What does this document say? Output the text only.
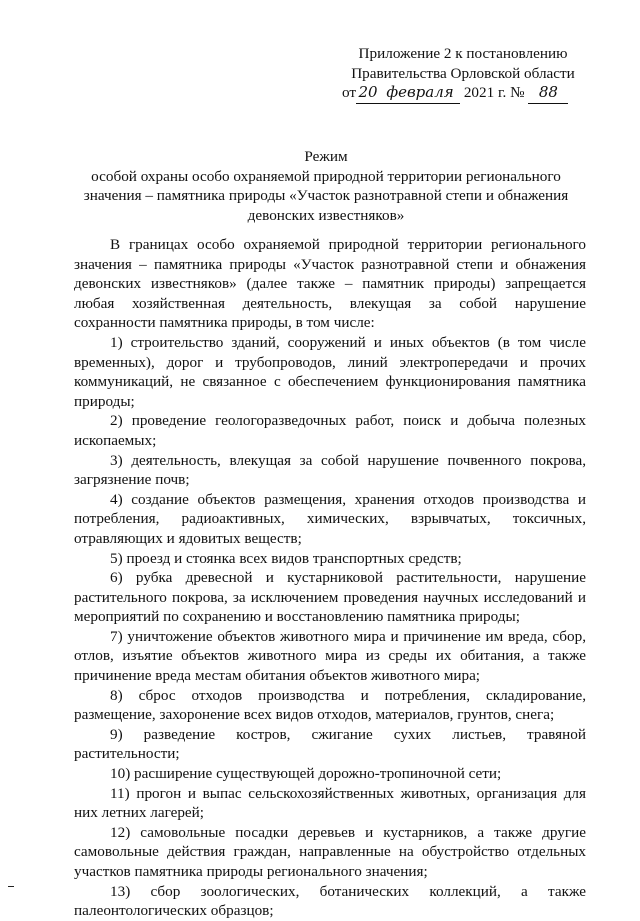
Приложение 2 к постановлению
Правительства Орловской области
от 20 февраля 2021 г. № 88
Режим
особой охраны особо охраняемой природной территории регионального
значения – памятника природы «Участок разнотравной степи и обнажения
девонских известняков»

В границах особо охраняемой природной территории регионального значения – памятника природы «Участок разнотравной степи и обнажения девонских известняков» (далее также – памятник природы) запрещается любая хозяйственная деятельность, влекущая за собой нарушение сохранности памятника природы, в том числе:

1) строительство зданий, сооружений и иных объектов (в том числе временных), дорог и трубопроводов, линий электропередачи и прочих коммуникаций, не связанное с обеспечением функционирования памятника природы;

2) проведение геологоразведочных работ, поиск и добыча полезных ископаемых;

3) деятельность, влекущая за собой нарушение почвенного покрова, загрязнение почв;

4) создание объектов размещения, хранения отходов производства и потребления, радиоактивных, химических, взрывчатых, токсичных, отравляющих и ядовитых веществ;

5) проезд и стоянка всех видов транспортных средств;

6) рубка древесной и кустарниковой растительности, нарушение растительного покрова, за исключением проведения научных исследований и мероприятий по сохранению и восстановлению памятника природы;

7) уничтожение объектов животного мира и причинение им вреда, сбор, отлов, изъятие объектов животного мира из среды их обитания, а также причинение вреда местам обитания объектов животного мира;

8) сброс отходов производства и потребления, складирование, размещение, захоронение всех видов отходов, материалов, грунтов, снега;

9) разведение костров, сжигание сухих листьев, травяной растительности;

10) расширение существующей дорожно-тропиночной сети;

11) прогон и выпас сельскохозяйственных животных, организация для них летних лагерей;

12) самовольные посадки деревьев и кустарников, а также другие самовольные действия граждан, направленные на обустройство отдельных участков памятника природы регионального значения;

13) сбор зоологических, ботанических коллекций, а также палеонтологических образцов;
